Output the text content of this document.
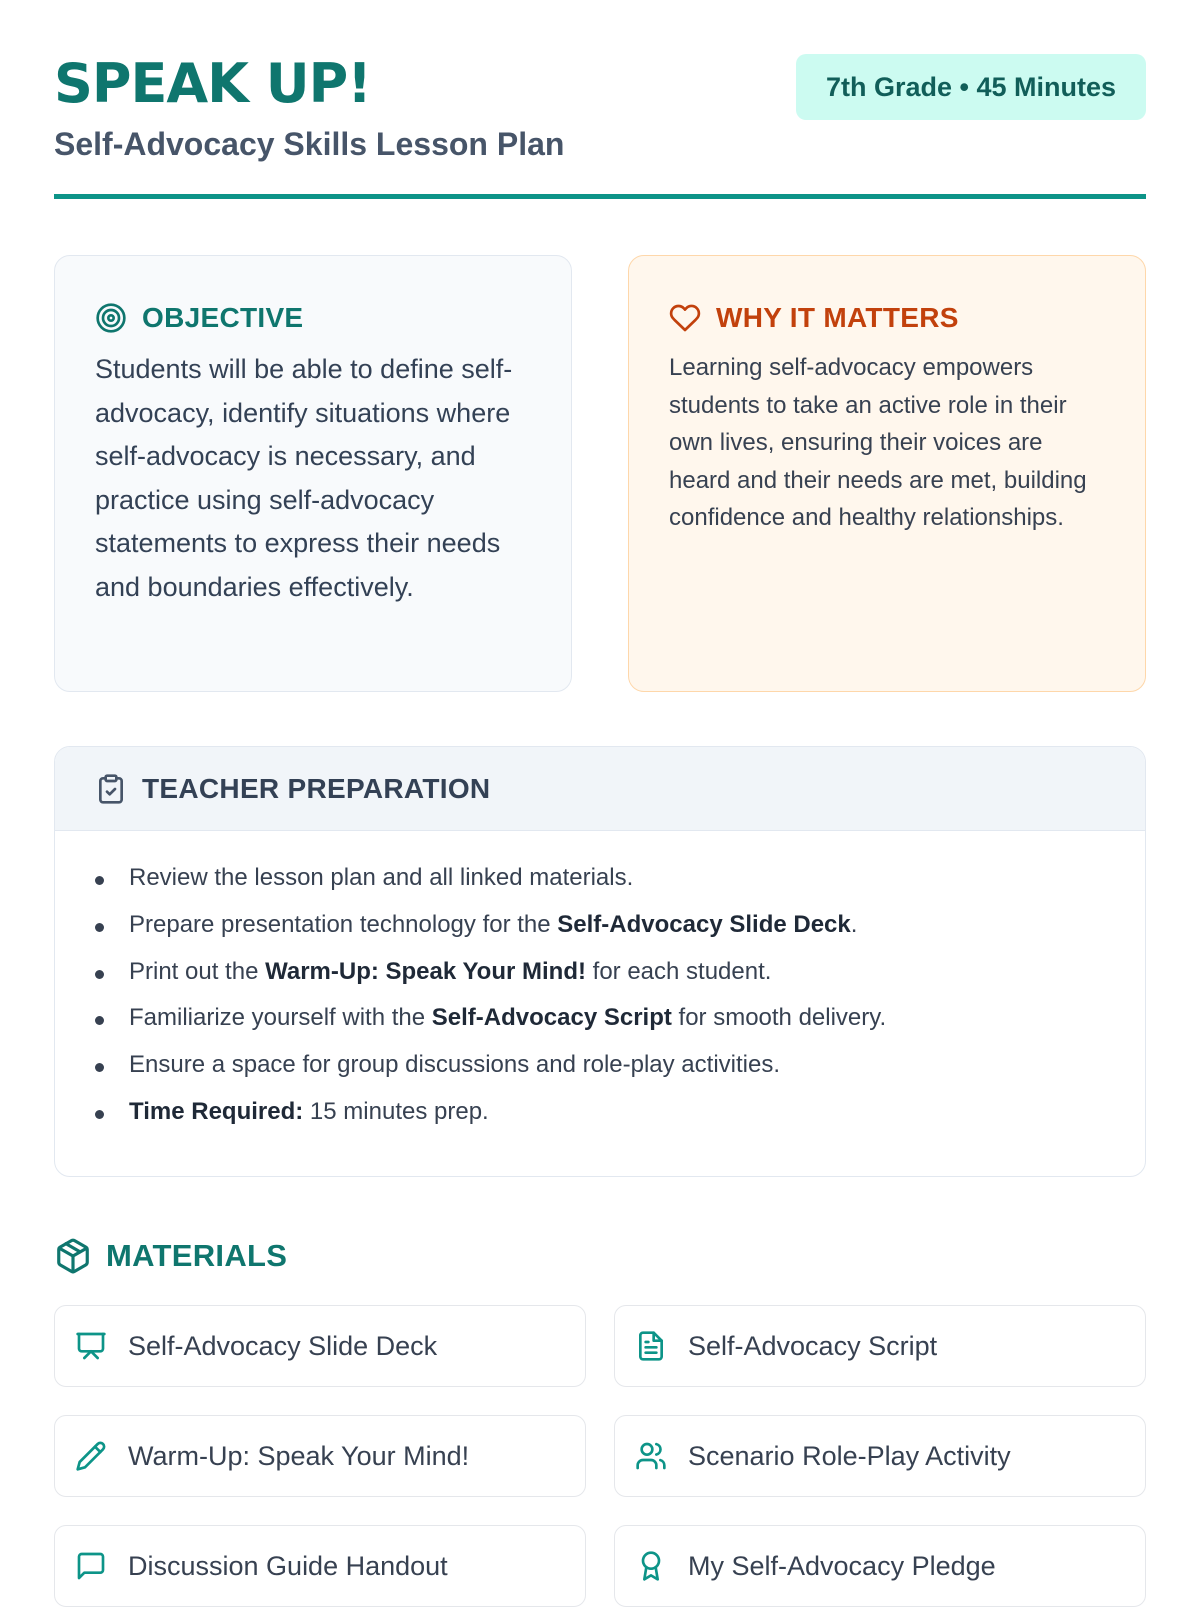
SPEAK UP!
Self-Advocacy Skills Lesson Plan
7th Grade • 45 Minutes
OBJECTIVE
Students will be able to define self-advocacy, identify situations where self-advocacy is necessary, and practice using self-advocacy statements to express their needs and boundaries effectively.
WHY IT MATTERS
Learning self-advocacy empowers students to take an active role in their own lives, ensuring their voices are heard and their needs are met, building confidence and healthy relationships.
TEACHER PREPARATION
Review the lesson plan and all linked materials.
Prepare presentation technology for the Self-Advocacy Slide Deck.
Print out the Warm-Up: Speak Your Mind! for each student.
Familiarize yourself with the Self-Advocacy Script for smooth delivery.
Ensure a space for group discussions and role-play activities.
Time Required: 15 minutes prep.
MATERIALS
Self-Advocacy Slide Deck	Self-Advocacy Script
Warm-Up: Speak Your Mind!	Scenario Role-Play Activity
Discussion Guide Handout	My Self-Advocacy Pledge
